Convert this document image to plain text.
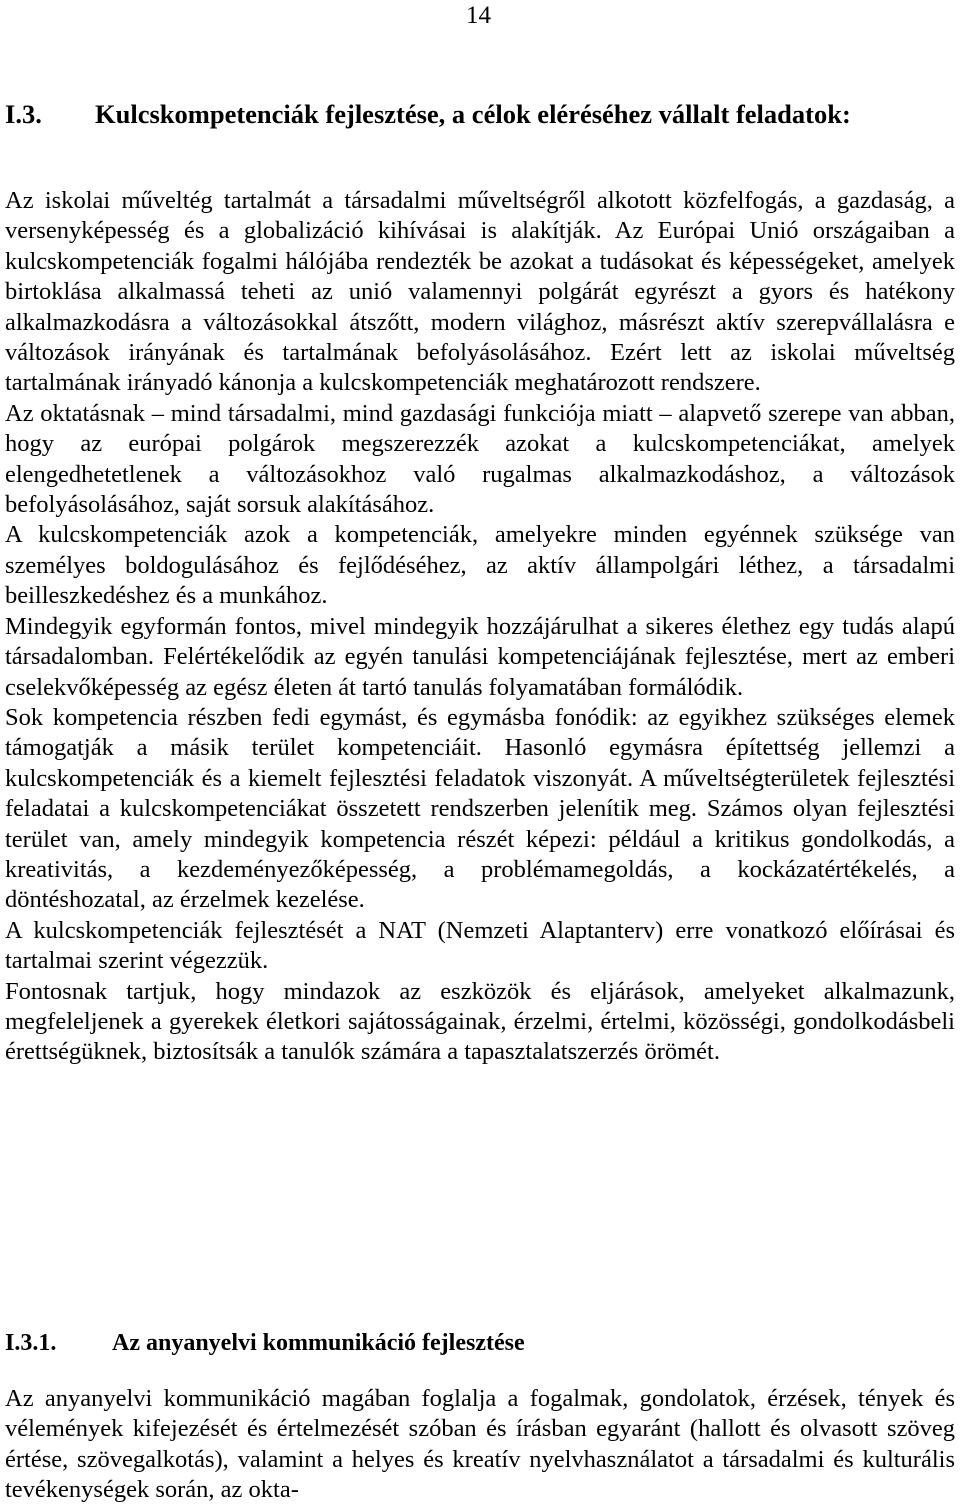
14
I.3.	Kulcskompetenciák fejlesztése, a célok eléréséhez vállalt feladatok:

Az iskolai műveltég tartalmát a társadalmi műveltségről alkotott közfelfogás, a gazdaság, a versenyképesség és a globalizáció kihívásai is alakítják. Az Európai Unió országaiban a kulcskompetenciák fogalmi hálójába rendezték be azokat a tudásokat és képességeket, amelyek birtoklása alkalmassá teheti az unió valamennyi polgárát egyrészt a gyors és hatékony alkalmazkodásra a változásokkal átszőtt, modern világhoz, másrészt aktív szerepvállalásra e változások irányának és tartalmának befolyásolásához. Ezért lett az iskolai műveltség tartalmának irányadó kánonja a kulcskompetenciák meghatározott rendszere.

Az oktatásnak – mind társadalmi, mind gazdasági funkciója miatt – alapvető szerepe van abban, hogy az európai polgárok megszerezzék azokat a kulcskompetenciákat, amelyek elengedhetetlenek a változásokhoz való rugalmas alkalmazkodáshoz, a változások befolyásolásához, saját sorsuk alakításához.

A kulcskompetenciák azok a kompetenciák, amelyekre minden egyénnek szüksége van személyes boldogulásához és fejlődéséhez, az aktív állampolgári léthez, a társadalmi beilleszkedéshez és a munkához.

Mindegyik egyformán fontos, mivel mindegyik hozzájárulhat a sikeres élethez egy tudás alapú társadalomban. Felértékelődik az egyén tanulási kompetenciájának fejlesztése, mert az emberi cselekvőképesség az egész életen át tartó tanulás folyamatában formálódik.

Sok kompetencia részben fedi egymást, és egymásba fonódik: az egyikhez szükséges elemek támogatják a másik terület kompetenciáit. Hasonló egymásra építettség jellemzi a kulcskompetenciák és a kiemelt fejlesztési feladatok viszonyát. A műveltségterületek fejlesztési feladatai a kulcskompetenciákat összetett rendszerben jelenítik meg. Számos olyan fejlesztési terület van, amely mindegyik kompetencia részét képezi: például a kritikus gondolkodás, a kreativitás, a kezdeményezőképesség, a problémamegoldás, a kockázatértékelés, a döntéshozatal, az érzelmek kezelése.

A kulcskompetenciák fejlesztését a NAT (Nemzeti Alaptanterv) erre vonatkozó előírásai és tartalmai szerint végezzük.

Fontosnak tartjuk, hogy mindazok az eszközök és eljárások, amelyeket alkalmazunk, megfeleljenek a gyerekek életkori sajátosságainak, érzelmi, értelmi, közösségi, gondolkodásbeli érettségüknek, biztosítsák a tanulók számára a tapasztalatszerzés örömét.

I.3.1. Az anyanyelvi kommunikáció fejlesztése

Az anyanyelvi kommunikáció magában foglalja a fogalmak, gondolatok, érzések, tények és vélemények kifejezését és értelmezését szóban és írásban egyaránt (hallott és olvasott szöveg értése, szövegalkotás), valamint a helyes és kreatív nyelvhasználatot a társadalmi és kulturális tevékenységek során, az okta-
